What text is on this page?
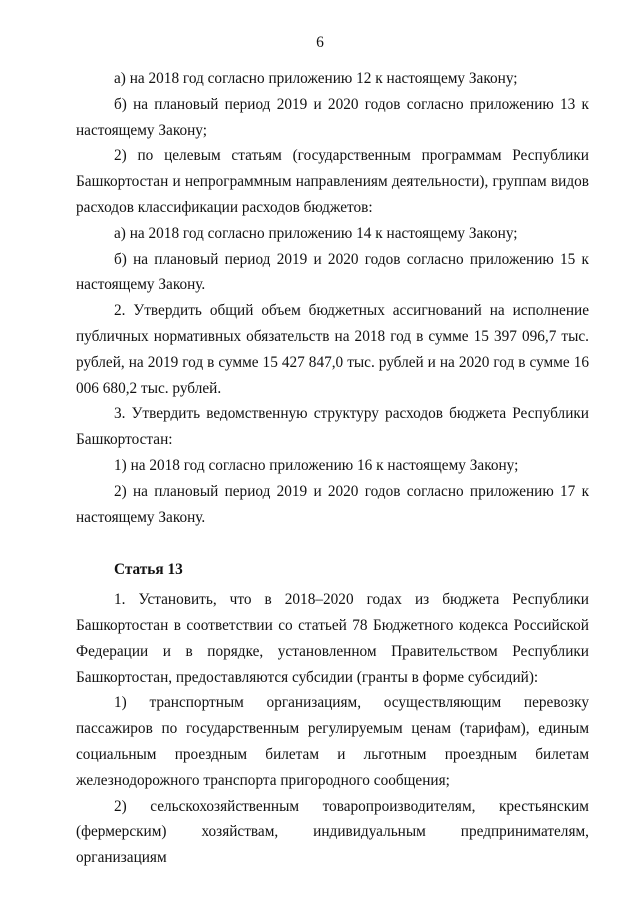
6

а) на 2018 год согласно приложению 12 к настоящему Закону;

б) на плановый период 2019 и 2020 годов согласно приложению 13 к настоящему Закону;

2) по целевым статьям (государственным программам Республики Башкортостан и непрограммным направлениям деятельности), группам видов расходов классификации расходов бюджетов:

а) на 2018 год согласно приложению 14 к настоящему Закону;

б) на плановый период 2019 и 2020 годов согласно приложению 15 к настоящему Закону.

2. Утвердить общий объем бюджетных ассигнований на исполнение публичных нормативных обязательств на 2018 год в сумме 15 397 096,7 тыс. рублей, на 2019 год в сумме 15 427 847,0 тыс. рублей и на 2020 год в сумме 16 006 680,2 тыс. рублей.

3. Утвердить ведомственную структуру расходов бюджета Республики Башкортостан:

1) на 2018 год согласно приложению 16 к настоящему Закону;

2) на плановый период 2019 и 2020 годов согласно приложению 17 к настоящему Закону.

Статья 13

1. Установить, что в 2018–2020 годах из бюджета Республики Башкортостан в соответствии со статьей 78 Бюджетного кодекса Российской Федерации и в порядке, установленном Правительством Республики Башкортостан, предоставляются субсидии (гранты в форме субсидий):

1) транспортным организациям, осуществляющим перевозку пассажиров по государственным регулируемым ценам (тарифам), единым социальным проездным билетам и льготным проездным билетам железнодорожного транспорта пригородного сообщения;

2) сельскохозяйственным товаропроизводителям, крестьянским (фермерским) хозяйствам, индивидуальным предпринимателям, организациям
